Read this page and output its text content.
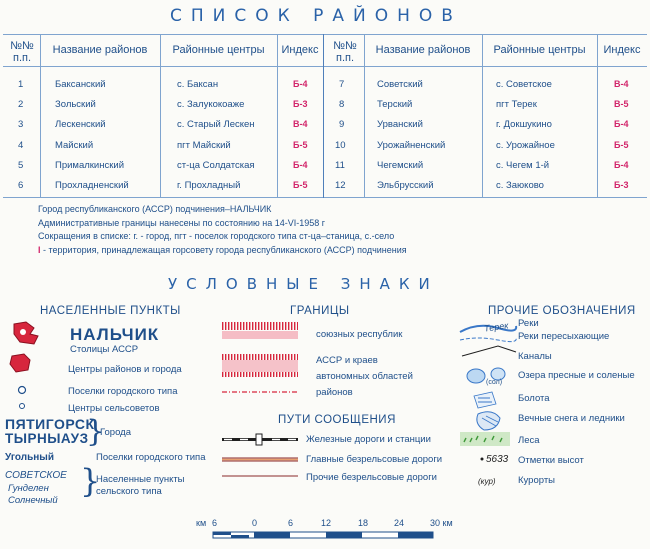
СПИСОК РАЙОНОВ
№№ п.п.
Название районов	Районные центры	Индекс	№№ п.п.
Название районов	Районные центры	Индекс
1	Баксанский	с. Баксан	Б-4
2	Зольский	с. Залукокоаже	Б-3
3	Лескенский	с. Старый Лескен	В-4
4	Майский	пгт Майский	Б-5
5	Прималкинский	ст-ца Солдатская	Б-4
6	Прохладненский	г. Прохладный	Б-5
7	Советский	с. Советское	В-4
8	Терский	пгт Терек	В-5
9	Урванский	г. Докшукино	Б-4
10	Урожайненский	с. Урожайное	Б-5
11	Чегемский	с. Чегем 1-й	Б-4
12	Эльбрусский	с. Заюково	Б-3
Город республиканского (АССР) подчинения–НАЛЬЧИК
Административные границы нанесены по состоянию на 14-VI-1958 г
Сокращения в списке: г. - город, пгт - поселок городского типа ст-ца–станица, с.-село
I - территория, принадлежащая горсовету города республиканского (АССР) подчинения
УСЛОВНЫЕ ЗНАКИ
НАСЕЛЕННЫЕ ПУНКТЫ
НАЛЬЧИК
Столицы АССР
Центры районов и города
Поселки городского типа
Центры сельсоветов
ПЯТИГОРСК
ТЫРНЫАУЗ
}
Города
Угольный	Поселки городского типа
СОВЕТСКОЕ
Гунделен
Солнечный
}
Населенные пункты
сельского типа
ГРАНИЦЫ
союзных республик
АССР и краев
автономных областей
районов
ПУТИ СООБЩЕНИЯ
Железные дороги и станции
Главные безрельсовые дороги
Прочие безрельсовые дороги
ПРОЧИЕ ОБОЗНАЧЕНИЯ
Терек Реки
Реки пересыхающие
Каналы
(сол)
Озера пресные и соленые
Болота
Вечные снега и ледники
Леса
5633 Отметки высот
(кур) Курорты
км 6	0	6	12	18	24	30 км
